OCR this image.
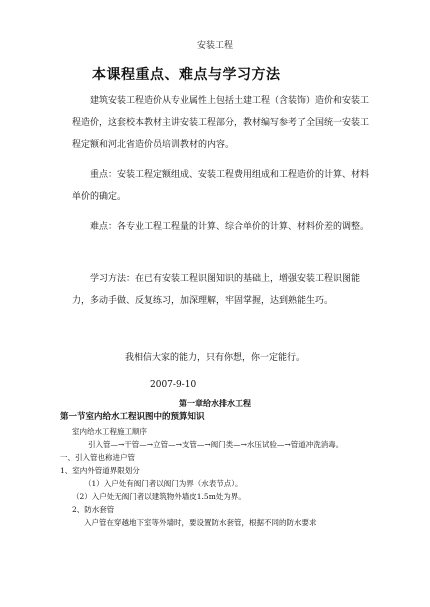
安装工程
本课程重点、难点与学习方法

建筑安装工程造价从专业属性上包括土建工程（含装饰）造价和安装工程造价，这套校本教材主讲安装工程部分，教材编写参考了全国统一安装工程定额和河北省造价员培训教材的内容。

重点：安装工程定额组成、安装工程费用组成和工程造价的计算、材料单价的确定。

难点：各专业工程工程量的计算、综合单价的计算、材料价差的调整。

学习方法：在已有安装工程识图知识的基础上，增强安装工程识图能力，多动手做、反复练习，加深理解，牢固掌握，达到熟能生巧。

我相信大家的能力，只有你想，你一定能行。
2007-9-10
第一章给水排水工程
第一节室内给水工程识图中的预算知识

室内给水工程施工顺序

引入管—→干管—→立管—→支管—→阀门类—→水压试验—→管道冲洗消毒。

一、引入管也称进户管

1、室内外管道界限划分

（1）入户处有阀门者以阀门为界（水表节点）。

（2）入户处无阀门者以建筑物外墙皮1.5m处为界。

2、防水套管

入户管在穿越地下室等外墙时，要设置防水套管，根据不同的防水要求
